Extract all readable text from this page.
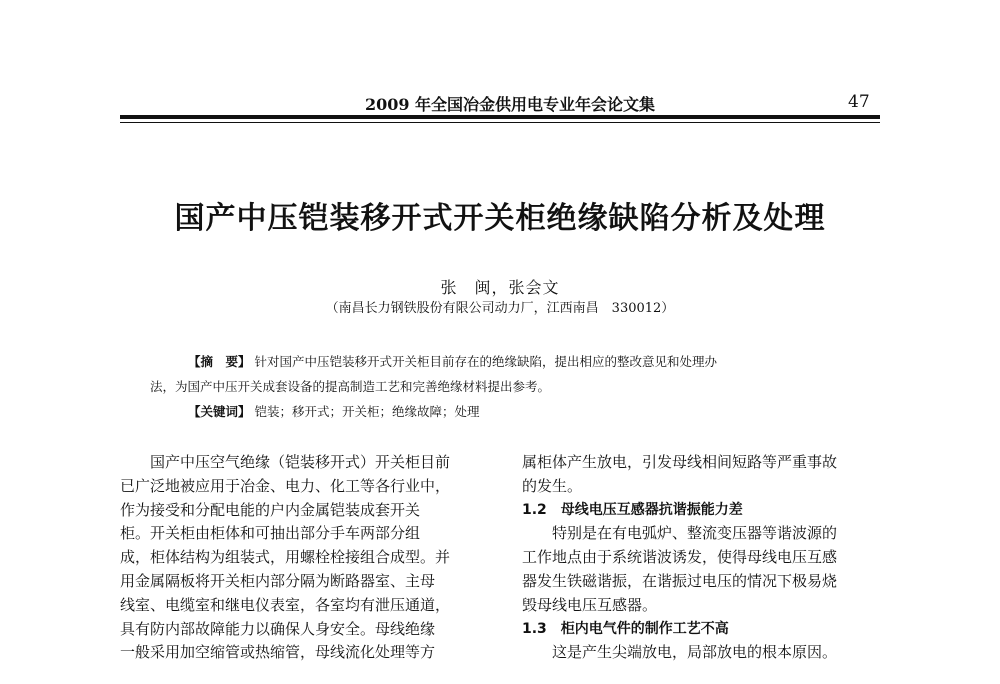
2009 年全国冶金供用电专业年会论文集	47
国产中压铠装移开式开关柜绝缘缺陷分析及处理
张　闽，张会文
（南昌长力钢铁股份有限公司动力厂，江西南昌　330012）
【摘　要】 针对国产中压铠装移开式开关柜目前存在的绝缘缺陷，提出相应的整改意见和处理办
法，为国产中压开关成套设备的提高制造工艺和完善绝缘材料提出参考。
【关键词】 铠装；移开式；开关柜；绝缘故障；处理
国产中压空气绝缘（铠装移开式）开关柜目前
已广泛地被应用于冶金、电力、化工等各行业中，
作为接受和分配电能的户内金属铠装成套开关
柜。开关柜由柜体和可抽出部分手车两部分组
成，柜体结构为组装式，用螺栓栓接组合成型。并
用金属隔板将开关柜内部分隔为断路器室、主母
线室、电缆室和继电仪表室，各室均有泄压通道，
具有防内部故障能力以确保人身安全。母线绝缘
一般采用加空缩管或热缩管，母线流化处理等方
属柜体产生放电，引发母线相间短路等严重事故
的发生。
1.2　母线电压互感器抗谐振能力差
特别是在有电弧炉、整流变压器等谐波源的
工作地点由于系统谐波诱发，使得母线电压互感
器发生铁磁谐振，在谐振过电压的情况下极易烧
毁母线电压互感器。
1.3　柜内电气件的制作工艺不高
这是产生尖端放电，局部放电的根本原因。
